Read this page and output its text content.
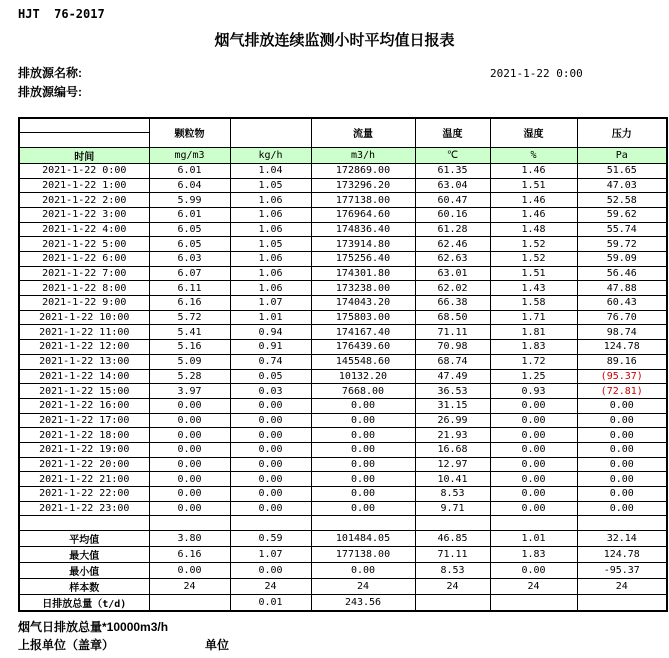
HJT  76-2017
烟气排放连续监测小时平均值日报表
排放源名称:
排放源编号:
2021-1-22 0:00
	颗粒物		流量	温度	湿度	压力

时间	mg/m3	kg/h	m3/h	℃	%	Pa
2021-1-22 0:00	6.01	1.04	172869.00	61.35	1.46	51.65
2021-1-22 1:00	6.04	1.05	173296.20	63.04	1.51	47.03
2021-1-22 2:00	5.99	1.06	177138.00	60.47	1.46	52.58
2021-1-22 3:00	6.01	1.06	176964.60	60.16	1.46	59.62
2021-1-22 4:00	6.05	1.06	174836.40	61.28	1.48	55.74
2021-1-22 5:00	6.05	1.05	173914.80	62.46	1.52	59.72
2021-1-22 6:00	6.03	1.06	175256.40	62.63	1.52	59.09
2021-1-22 7:00	6.07	1.06	174301.80	63.01	1.51	56.46
2021-1-22 8:00	6.11	1.06	173238.00	62.02	1.43	47.88
2021-1-22 9:00	6.16	1.07	174043.20	66.38	1.58	60.43
2021-1-22 10:00	5.72	1.01	175803.00	68.50	1.71	76.70
2021-1-22 11:00	5.41	0.94	174167.40	71.11	1.81	98.74
2021-1-22 12:00	5.16	0.91	176439.60	70.98	1.83	124.78
2021-1-22 13:00	5.09	0.74	145548.60	68.74	1.72	89.16
2021-1-22 14:00	5.28	0.05	10132.20	47.49	1.25	(95.37)
2021-1-22 15:00	3.97	0.03	7668.00	36.53	0.93	(72.81)
2021-1-22 16:00	0.00	0.00	0.00	31.15	0.00	0.00
2021-1-22 17:00	0.00	0.00	0.00	26.99	0.00	0.00
2021-1-22 18:00	0.00	0.00	0.00	21.93	0.00	0.00
2021-1-22 19:00	0.00	0.00	0.00	16.68	0.00	0.00
2021-1-22 20:00	0.00	0.00	0.00	12.97	0.00	0.00
2021-1-22 21:00	0.00	0.00	0.00	10.41	0.00	0.00
2021-1-22 22:00	0.00	0.00	0.00	8.53	0.00	0.00
2021-1-22 23:00	0.00	0.00	0.00	9.71	0.00	0.00

平均值	3.80	0.59	101484.05	46.85	1.01	32.14
最大值	6.16	1.07	177138.00	71.11	1.83	124.78
最小值	0.00	0.00	0.00	8.53	0.00	-95.37
样本数	24	24	24	24	24	24
日排放总量（t/d)		0.01	243.56			
烟气日排放总量*10000m3/h
上报单位（盖章）	单位
